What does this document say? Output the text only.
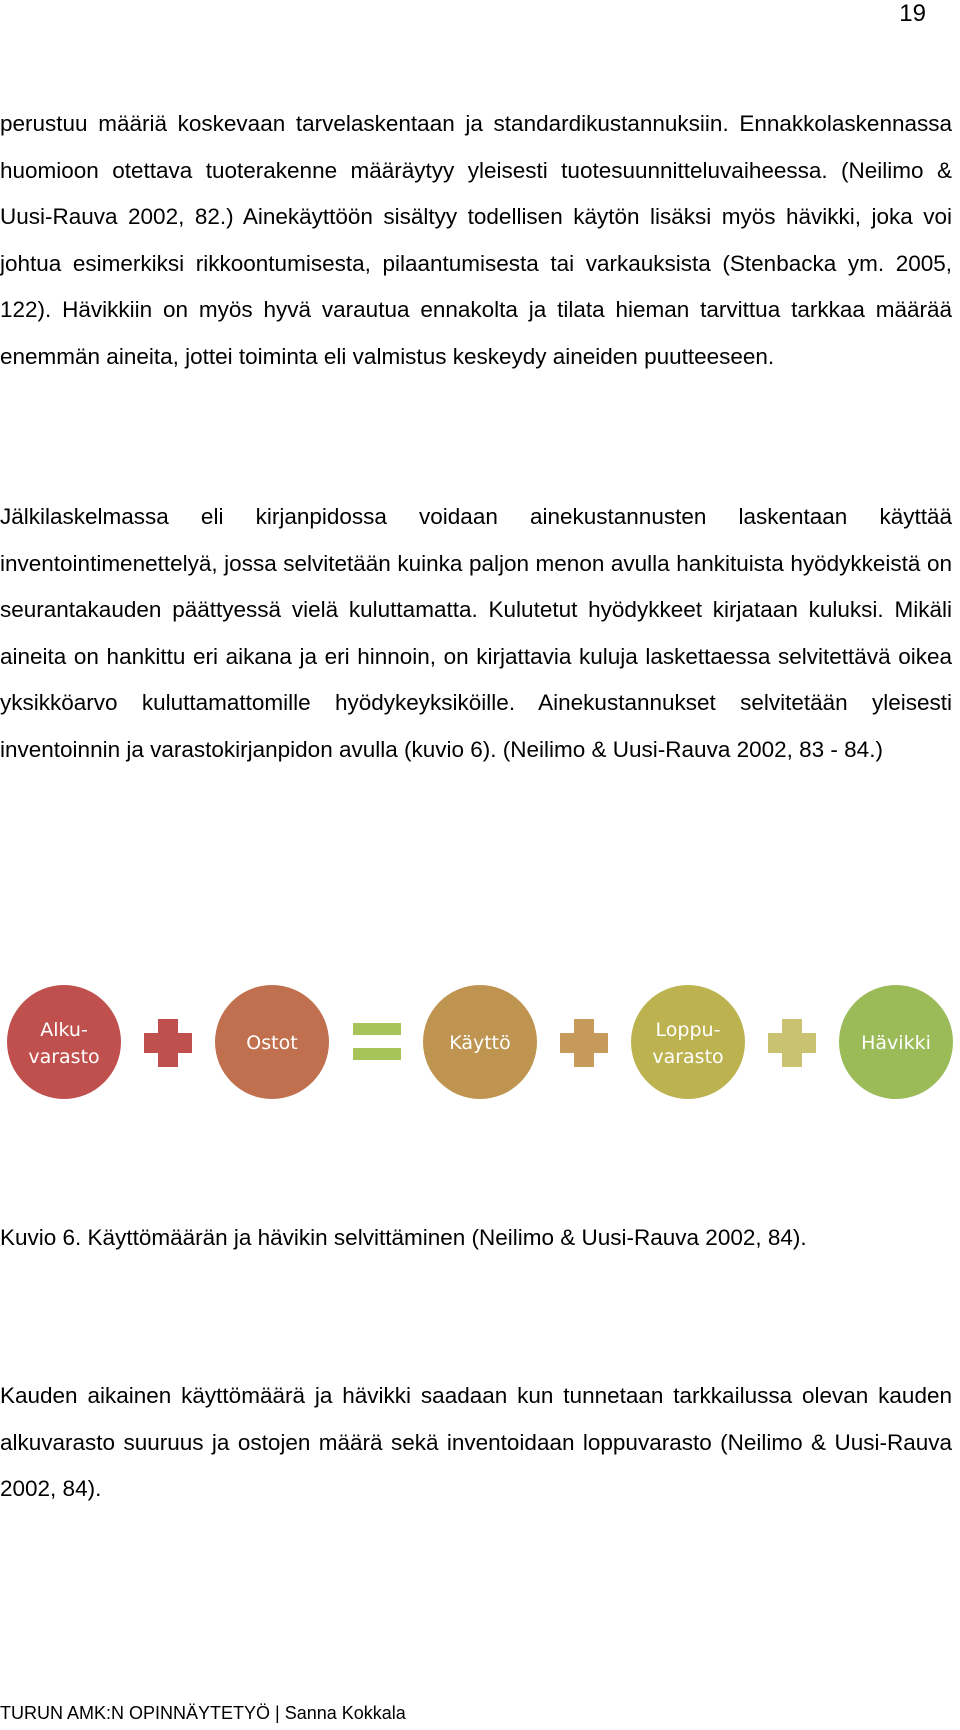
19

perustuu määriä koskevaan tarvelaskentaan ja standardikustannuksiin. Ennakkolaskennassa huomioon otettava tuoterakenne määräytyy yleisesti tuotesuunnitteluvaiheessa. (Neilimo & Uusi-Rauva 2002, 82.) Ainekäyttöön sisältyy todellisen käytön lisäksi myös hävikki, joka voi johtua esimerkiksi rikkoontumisesta, pilaantumisesta tai varkauksista (Stenbacka ym. 2005, 122). Hävikkiin on myös hyvä varautua ennakolta ja tilata hieman tarvittua tarkkaa määrää enemmän aineita, jottei toiminta eli valmistus keskeydy aineiden puutteeseen.

Jälkilaskelmassa eli kirjanpidossa voidaan ainekustannusten laskentaan käyttää inventointimenettelyä, jossa selvitetään kuinka paljon menon avulla hankituista hyödykkeistä on seurantakauden päättyessä vielä kuluttamatta. Kulutetut hyödykkeet kirjataan kuluksi. Mikäli aineita on hankittu eri aikana ja eri hinnoin, on kirjattavia kuluja laskettaessa selvitettävä oikea yksikköarvo kuluttamattomille hyödykeyksiköille. Ainekustannukset selvitetään yleisesti inventoinnin ja varastokirjanpidon avulla (kuvio 6). (Neilimo & Uusi-Rauva 2002, 83 - 84.)

Alku-
varasto
Ostot	Käyttö
Loppu-
varasto
Hävikki

Kuvio 6. Käyttömäärän ja hävikin selvittäminen (Neilimo & Uusi-Rauva 2002, 84).

Kauden aikainen käyttömäärä ja hävikki saadaan kun tunnetaan tarkkailussa olevan kauden alkuvarasto suuruus ja ostojen määrä sekä inventoidaan loppuvarasto (Neilimo & Uusi-Rauva 2002, 84).

TURUN AMK:N OPINNÄYTETYÖ | Sanna Kokkala
